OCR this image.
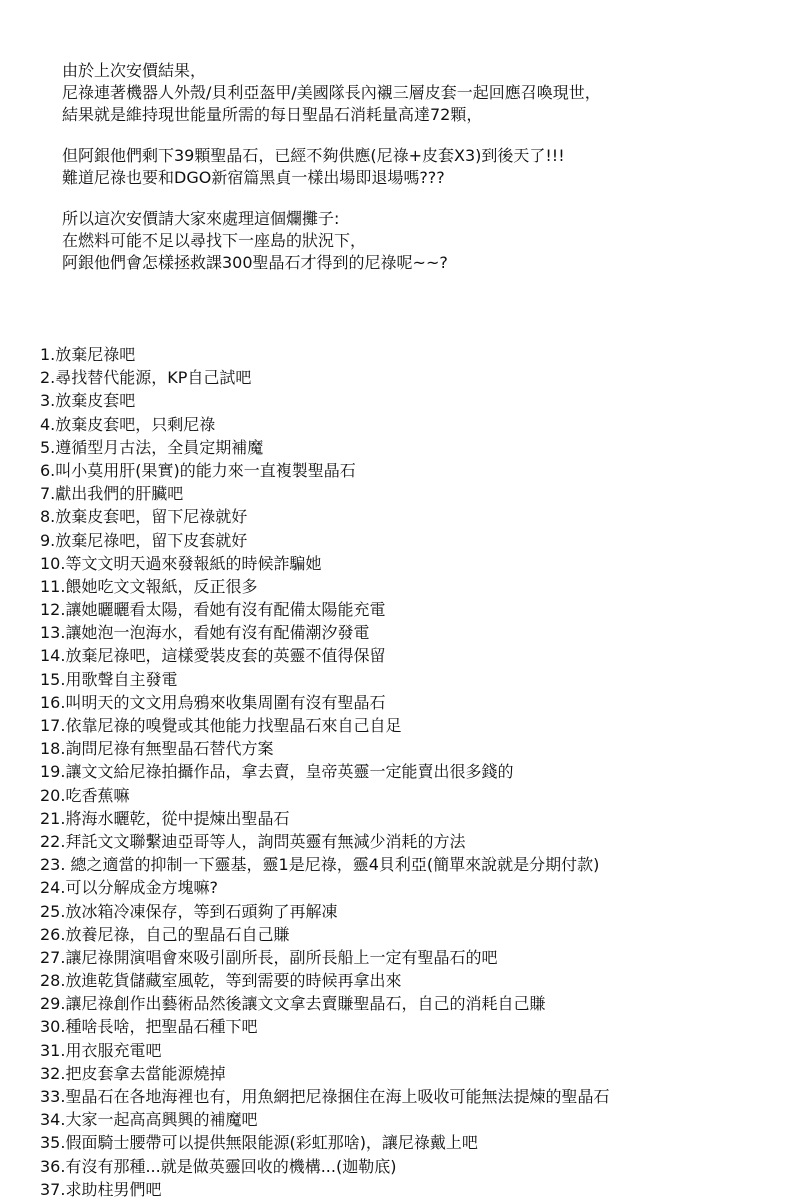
由於上次安價結果，
尼祿連著機器人外殼/貝利亞盔甲/美國隊長內襯三層皮套一起回應召喚現世，
結果就是維持現世能量所需的每日聖晶石消耗量高達72顆，
但阿銀他們剩下39顆聖晶石，已經不夠供應(尼祿+皮套X3)到後天了!!!
難道尼祿也要和DGO新宿篇黑貞一樣出場即退場嗎???
所以這次安價請大家來處理這個爛攤子:
在燃料可能不足以尋找下一座島的狀況下，
阿銀他們會怎樣拯救課300聖晶石才得到的尼祿呢~~?
1.放棄尼祿吧
2.尋找替代能源，KP自己試吧
3.放棄皮套吧
4.放棄皮套吧，只剩尼祿
5.遵循型月古法，全員定期補魔
6.叫小莫用肝(果實)的能力來一直複製聖晶石
7.獻出我們的肝臟吧
8.放棄皮套吧，留下尼祿就好
9.放棄尼祿吧，留下皮套就好
10.等文文明天過來發報紙的時候詐騙她
11.餵她吃文文報紙，反正很多
12.讓她曬曬看太陽，看她有沒有配備太陽能充電
13.讓她泡一泡海水，看她有沒有配備潮汐發電
14.放棄尼祿吧，這樣愛裝皮套的英靈不值得保留
15.用歌聲自主發電
16.叫明天的文文用烏鴉來收集周圍有沒有聖晶石
17.依靠尼祿的嗅覺或其他能力找聖晶石來自己自足
18.詢問尼祿有無聖晶石替代方案
19.讓文文給尼祿拍攝作品，拿去賣，皇帝英靈一定能賣出很多錢的
20.吃香蕉嘛
21.將海水曬乾，從中提煉出聖晶石
22.拜託文文聯繫迪亞哥等人，詢問英靈有無減少消耗的方法
23. 總之適當的抑制一下靈基，靈1是尼祿，靈4貝利亞(簡單來說就是分期付款)
24.可以分解成金方塊嘛?
25.放冰箱冷凍保存，等到石頭夠了再解凍
26.放養尼祿，自己的聖晶石自己賺
27.讓尼祿開演唱會來吸引副所長，副所長船上一定有聖晶石的吧
28.放進乾貨儲藏室風乾，等到需要的時候再拿出來
29.讓尼祿創作出藝術品然後讓文文拿去賣賺聖晶石，自己的消耗自己賺
30.種啥長啥，把聖晶石種下吧
31.用衣服充電吧
32.把皮套拿去當能源燒掉
33.聖晶石在各地海裡也有，用魚網把尼祿捆住在海上吸收可能無法提煉的聖晶石
34.大家一起高高興興的補魔吧
35.假面騎士腰帶可以提供無限能源(彩虹那啥)，讓尼祿戴上吧
36.有沒有那種...就是做英靈回收的機構...(迦勒底)
37.求助柱男們吧
